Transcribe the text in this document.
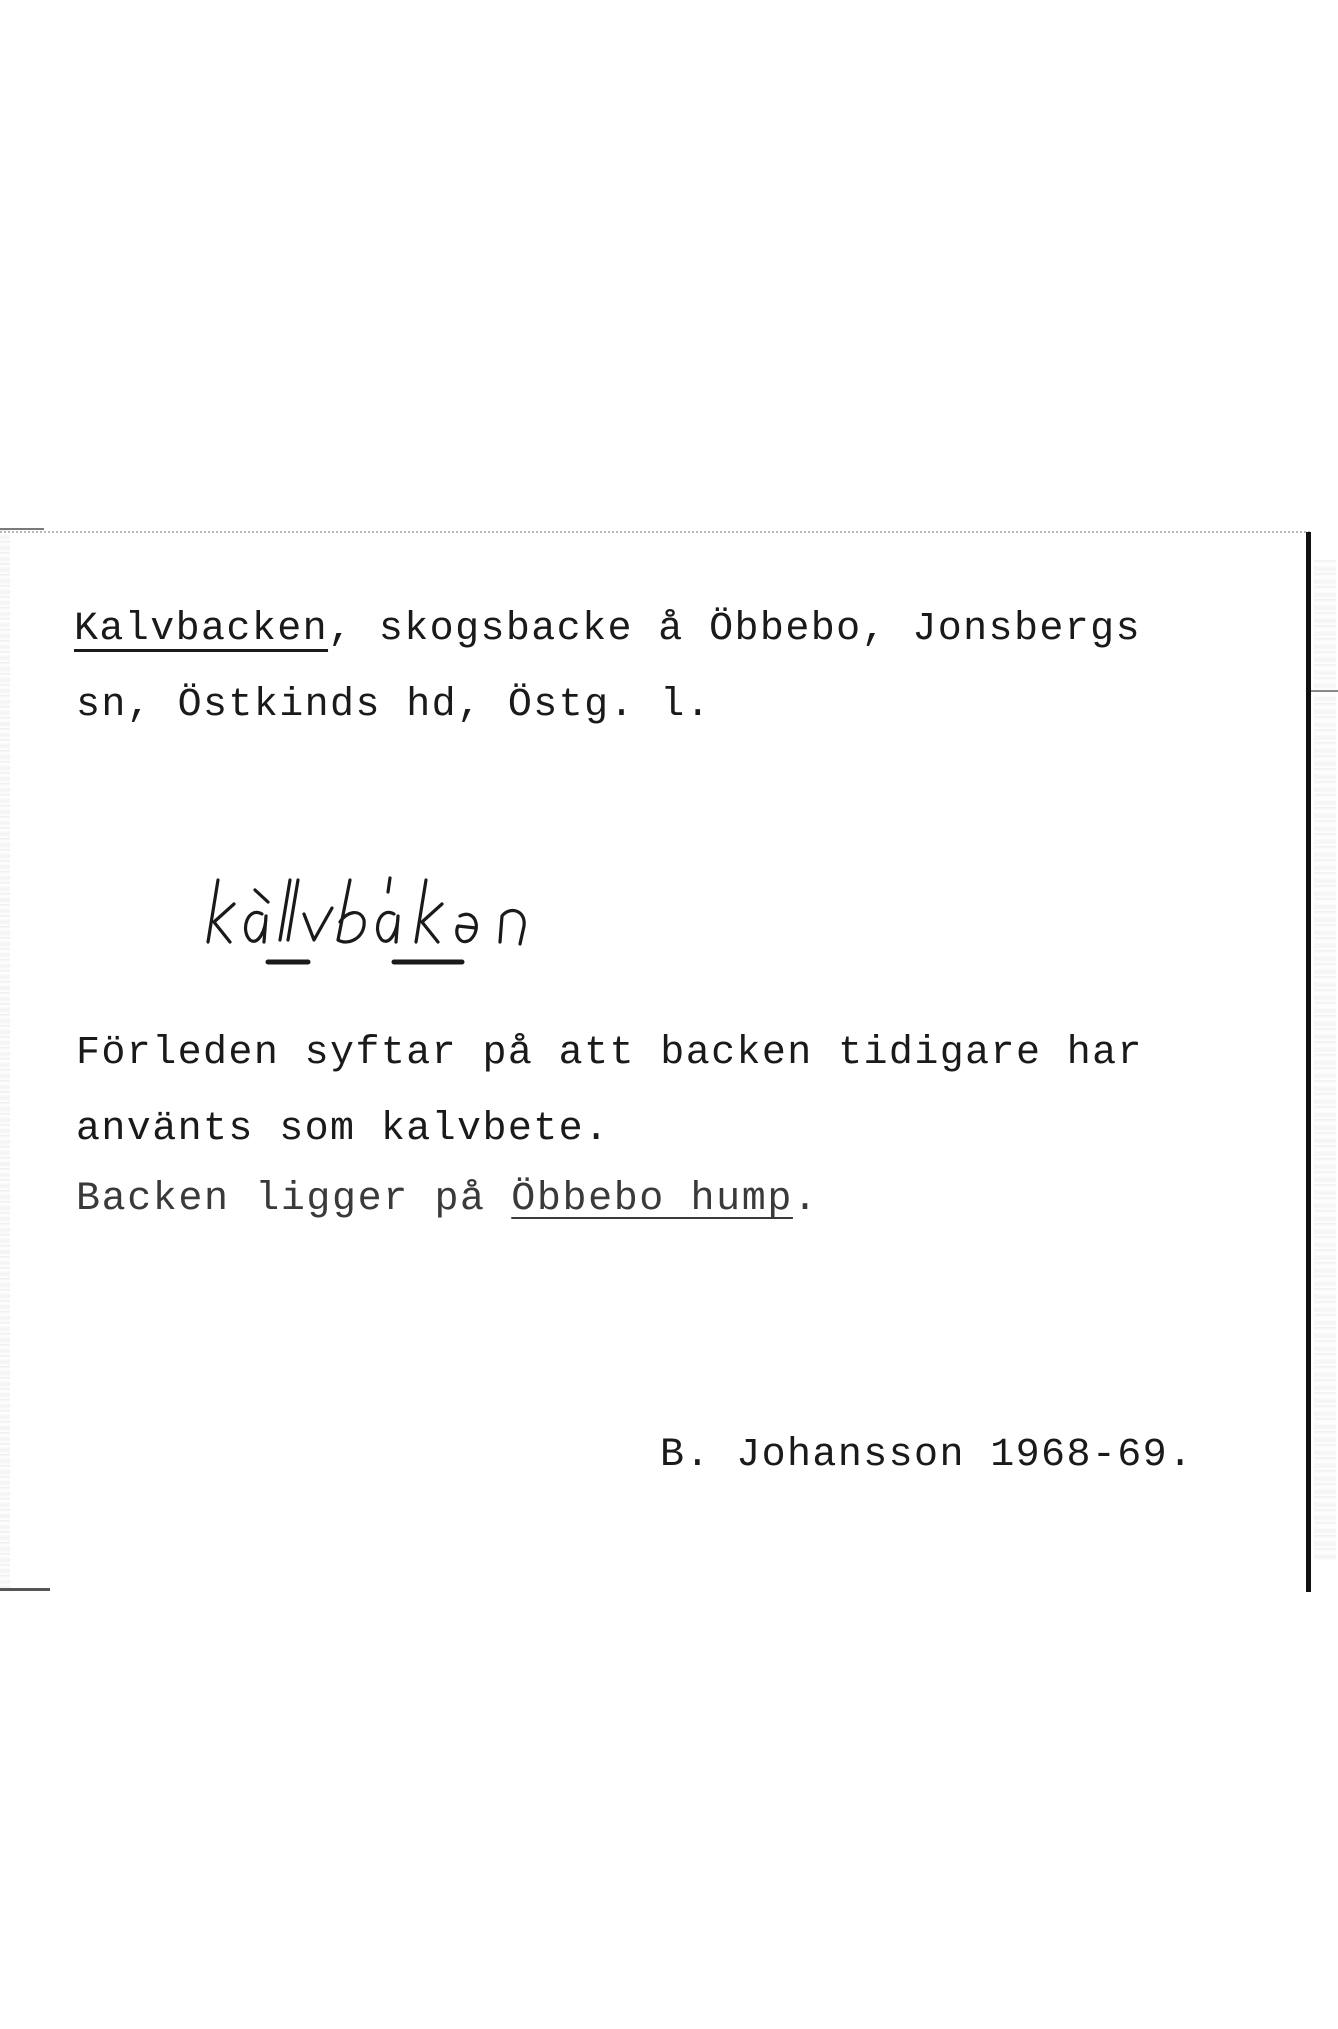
Kalvbacken, skogsbacke å Öbbebo, Jonsbergs
sn, Östkinds hd, Östg. l.
Förleden syftar på att backen tidigare har
använts som kalvbete.
Backen ligger på Öbbebo hump.
B. Johansson 1968-69.
